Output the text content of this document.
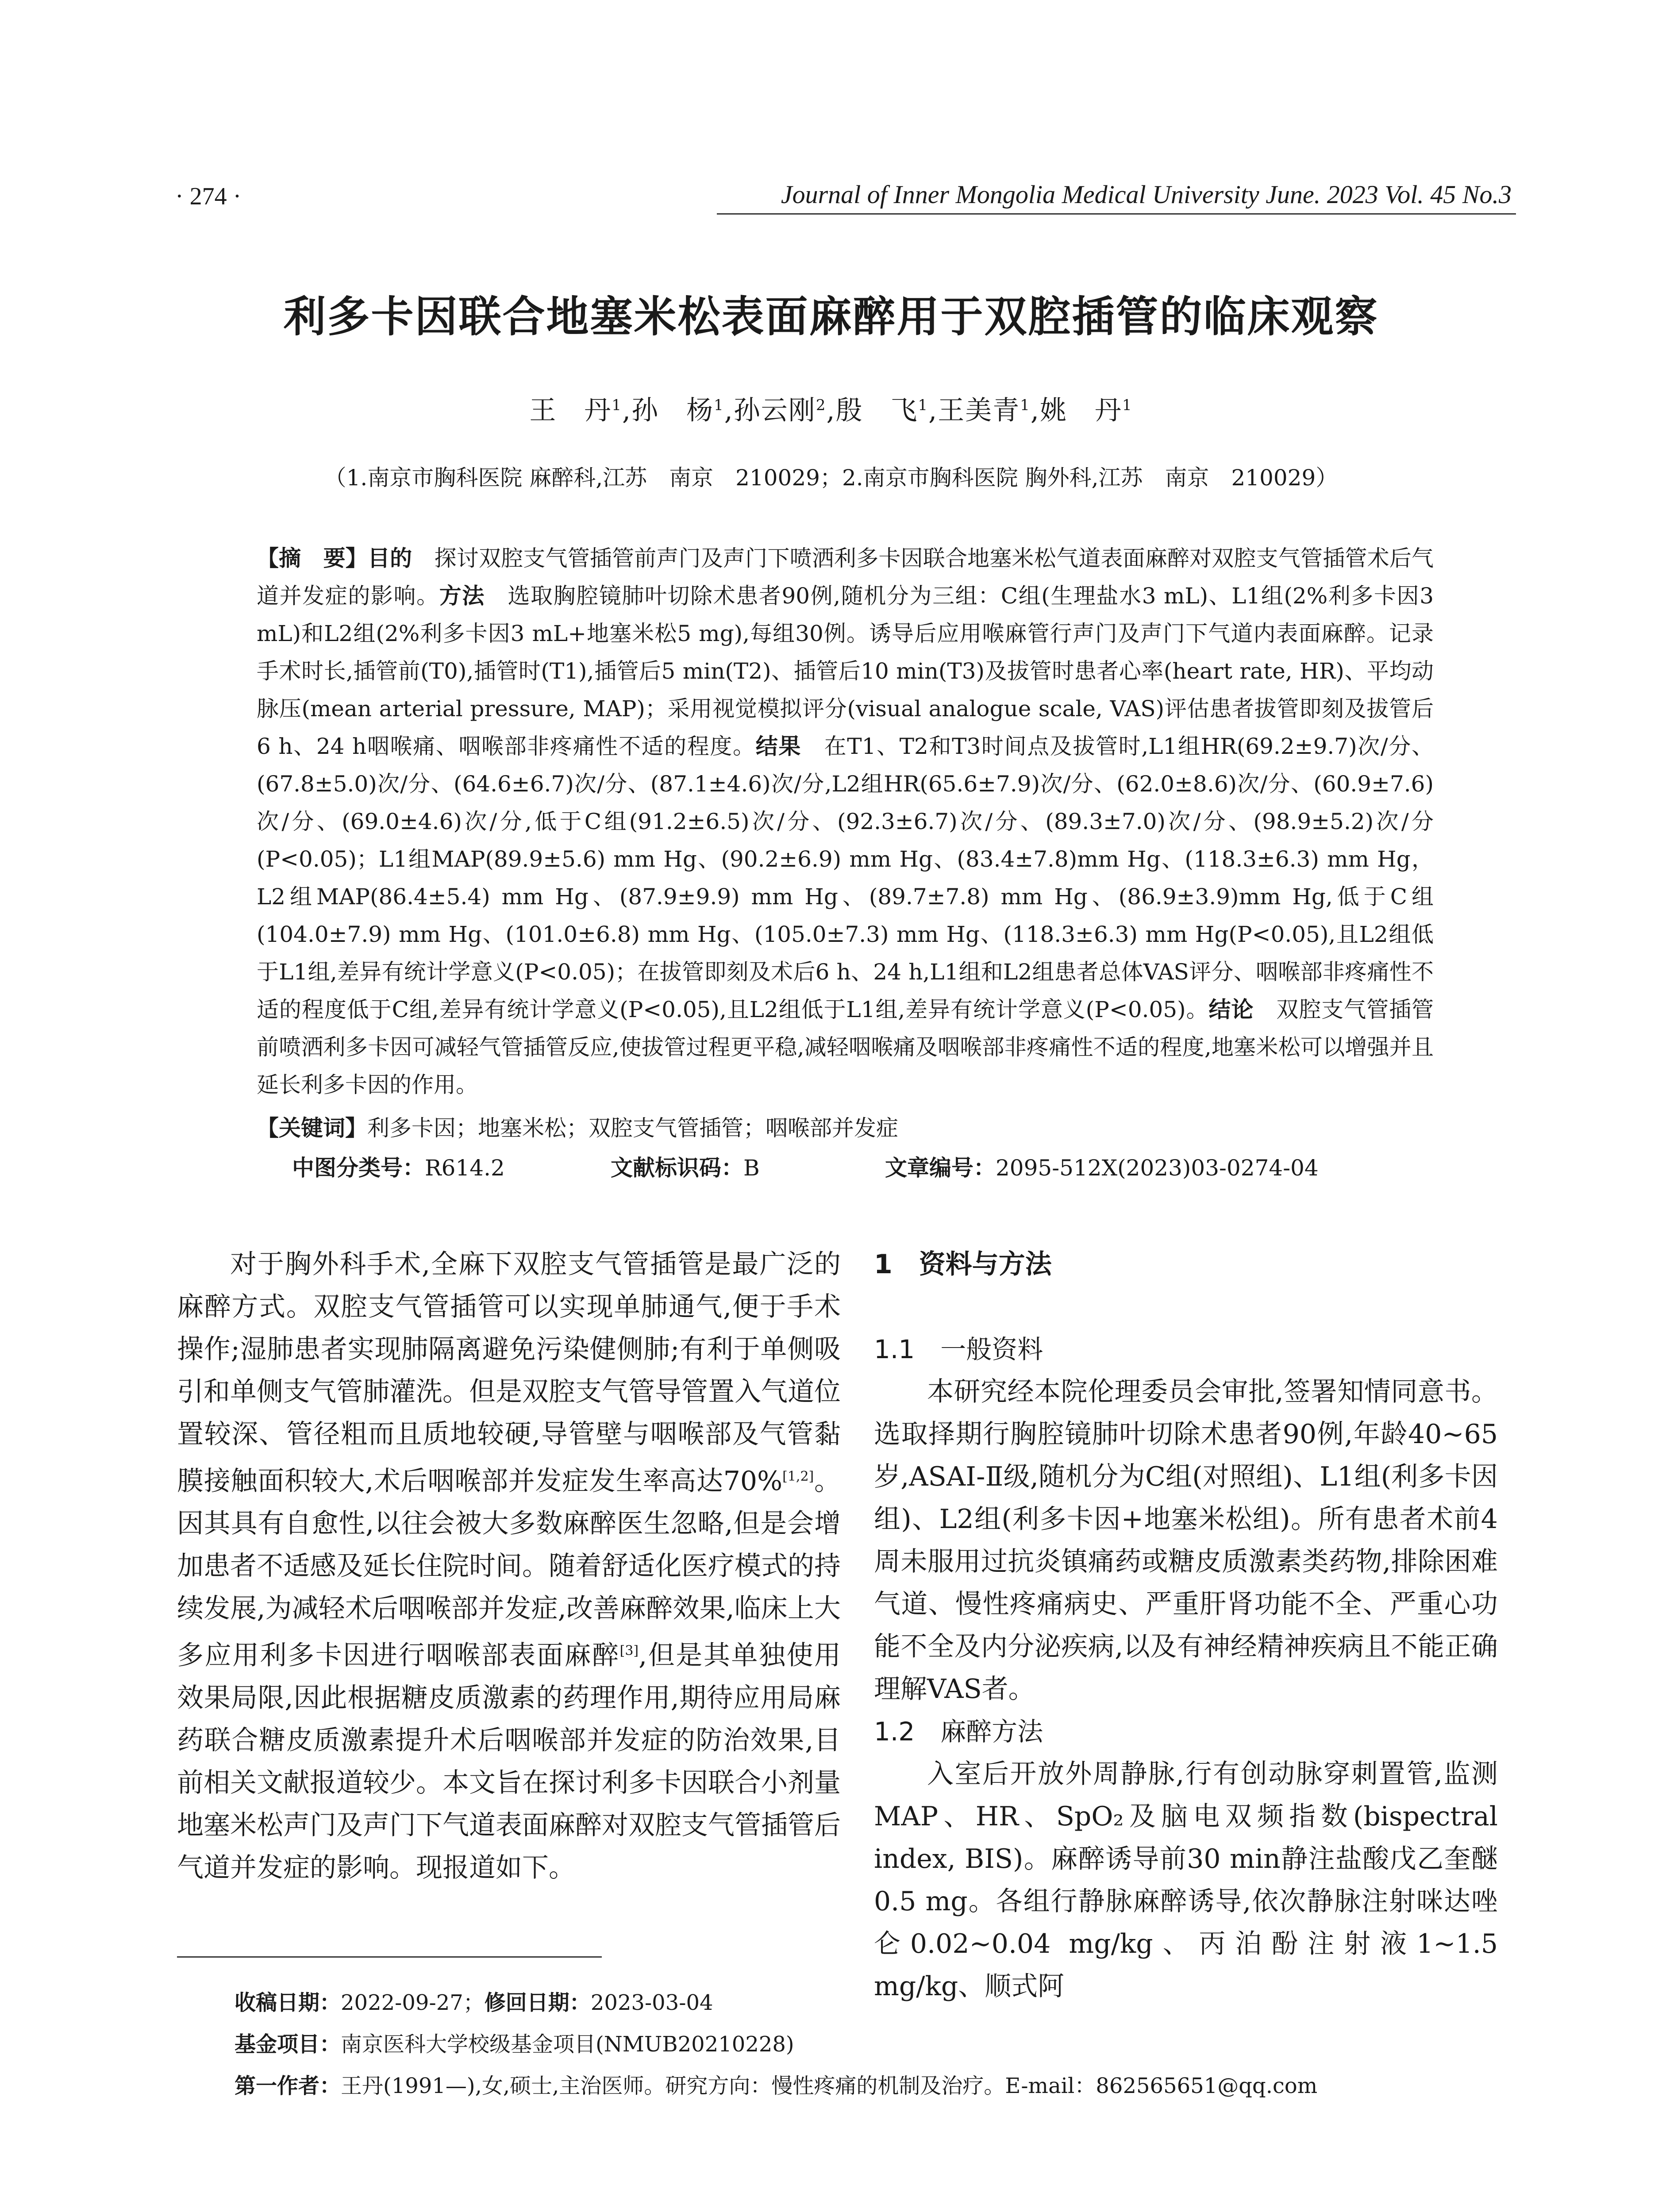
· 274 ·	Journal of Inner Mongolia Medical University June. 2023 Vol. 45 No.3
利多卡因联合地塞米松表面麻醉用于双腔插管的临床观察
王　丹$^1$,孙　杨$^1$,孙云刚$^2$,殷　飞$^1$,王美青$^1$,姚　丹$^1$
（1.南京市胸科医院 麻醉科,江苏　南京　210029；2.南京市胸科医院 胸外科,江苏　南京　210029）
【摘　要】目的　 探讨双腔支气管插管前声门及声门下喷洒利多卡因联合地塞米松气道表面麻醉对双腔支气管插管术后气道并发症的影响。方法　 选取胸腔镜肺叶切除术患者90例,随机分为三组：C组(生理盐水3 mL)、L1组(2%利多卡因3 mL)和L2组(2%利多卡因3 mL+地塞米松5 mg),每组30例。诱导后应用喉麻管行声门及声门下气道内表面麻醉。记录手术时长,插管前(T0),插管时(T1),插管后5 min(T2)、插管后10 min(T3)及拔管时患者心率(heart rate, HR)、平均动脉压(mean arterial pressure, MAP)；采用视觉模拟评分(visual analogue scale, VAS)评估患者拔管即刻及拔管后6 h、24 h咽喉痛、咽喉部非疼痛性不适的程度。结果　 在T1、T2和T3时间点及拔管时,L1组HR(69.2±9.7)次/分、(67.8±5.0)次/分、(64.6±6.7)次/分、(87.1±4.6)次/分,L2组HR(65.6±7.9)次/分、(62.0±8.6)次/分、(60.9±7.6)次/分、(69.0±4.6)次/分,低于C组(91.2±6.5)次/分、(92.3±6.7)次/分、(89.3±7.0)次/分、(98.9±5.2)次/分(P<0.05)；L1组MAP(89.9±5.6) mm Hg、(90.2±6.9) mm Hg、(83.4±7.8)mm Hg、(118.3±6.3) mm Hg，L2组MAP(86.4±5.4) mm Hg、(87.9±9.9) mm Hg、(89.7±7.8) mm Hg、(86.9±3.9)mm Hg,低于C组(104.0±7.9) mm Hg、(101.0±6.8) mm Hg、(105.0±7.3) mm Hg、(118.3±6.3) mm Hg(P<0.05),且L2组低于L1组,差异有统计学意义(P<0.05)；在拔管即刻及术后6 h、24 h,L1组和L2组患者总体VAS评分、咽喉部非疼痛性不适的程度低于C组,差异有统计学意义(P<0.05),且L2组低于L1组,差异有统计学意义(P<0.05)。结论　 双腔支气管插管前喷洒利多卡因可减轻气管插管反应,使拔管过程更平稳,减轻咽喉痛及咽喉部非疼痛性不适的程度,地塞米松可以增强并且延长利多卡因的作用。
【关键词】利多卡因；地塞米松；双腔支气管插管；咽喉部并发症
中图分类号：R614.2	文献标识码：B	文章编号：2095-512X(2023)03-0274-04
对于胸外科手术,全麻下双腔支气管插管是最广泛的麻醉方式。双腔支气管插管可以实现单肺通气,便于手术操作;湿肺患者实现肺隔离避免污染健侧肺;有利于单侧吸引和单侧支气管肺灌洗。但是双腔支气管导管置入气道位置较深、管径粗而且质地较硬,导管壁与咽喉部及气管黏膜接触面积较大,术后咽喉部并发症发生率高达70%[1,2]。因其具有自愈性,以往会被大多数麻醉医生忽略,但是会增加患者不适感及延长住院时间。随着舒适化医疗模式的持续发展,为减轻术后咽喉部并发症,改善麻醉效果,临床上大多应用利多卡因进行咽喉部表面麻醉[3],但是其单独使用效果局限,因此根据糖皮质激素的药理作用,期待应用局麻药联合糖皮质激素提升术后咽喉部并发症的防治效果,目前相关文献报道较少。本文旨在探讨利多卡因联合小剂量地塞米松声门及声门下气道表面麻醉对双腔支气管插管后气道并发症的影响。现报道如下。
1　资料与方法
1.1　一般资料

本研究经本院伦理委员会审批,签署知情同意书。选取择期行胸腔镜肺叶切除术患者90例,年龄40~65岁,ASAⅠ-Ⅱ级,随机分为C组(对照组)、L1组(利多卡因组)、L2组(利多卡因+地塞米松组)。所有患者术前4周未服用过抗炎镇痛药或糖皮质激素类药物,排除困难气道、慢性疼痛病史、严重肝肾功能不全、严重心功能不全及内分泌疾病,以及有神经精神疾病且不能正确理解VAS者。

1.2　麻醉方法

入室后开放外周静脉,行有创动脉穿刺置管,监测MAP、HR、SpO₂及脑电双频指数(bispectral index, BIS)。麻醉诱导前30 min静注盐酸戊乙奎醚0.5 mg。各组行静脉麻醉诱导,依次静脉注射咪达唑仑0.02~0.04 mg/kg、丙泊酚注射液1~1.5 mg/kg、顺式阿

收稿日期：2022-09-27；修回日期：2023-03-04
基金项目：南京医科大学校级基金项目(NMUB20210228)
第一作者：王丹(1991—),女,硕士,主治医师。研究方向：慢性疼痛的机制及治疗。E-mail：862565651@qq.com
